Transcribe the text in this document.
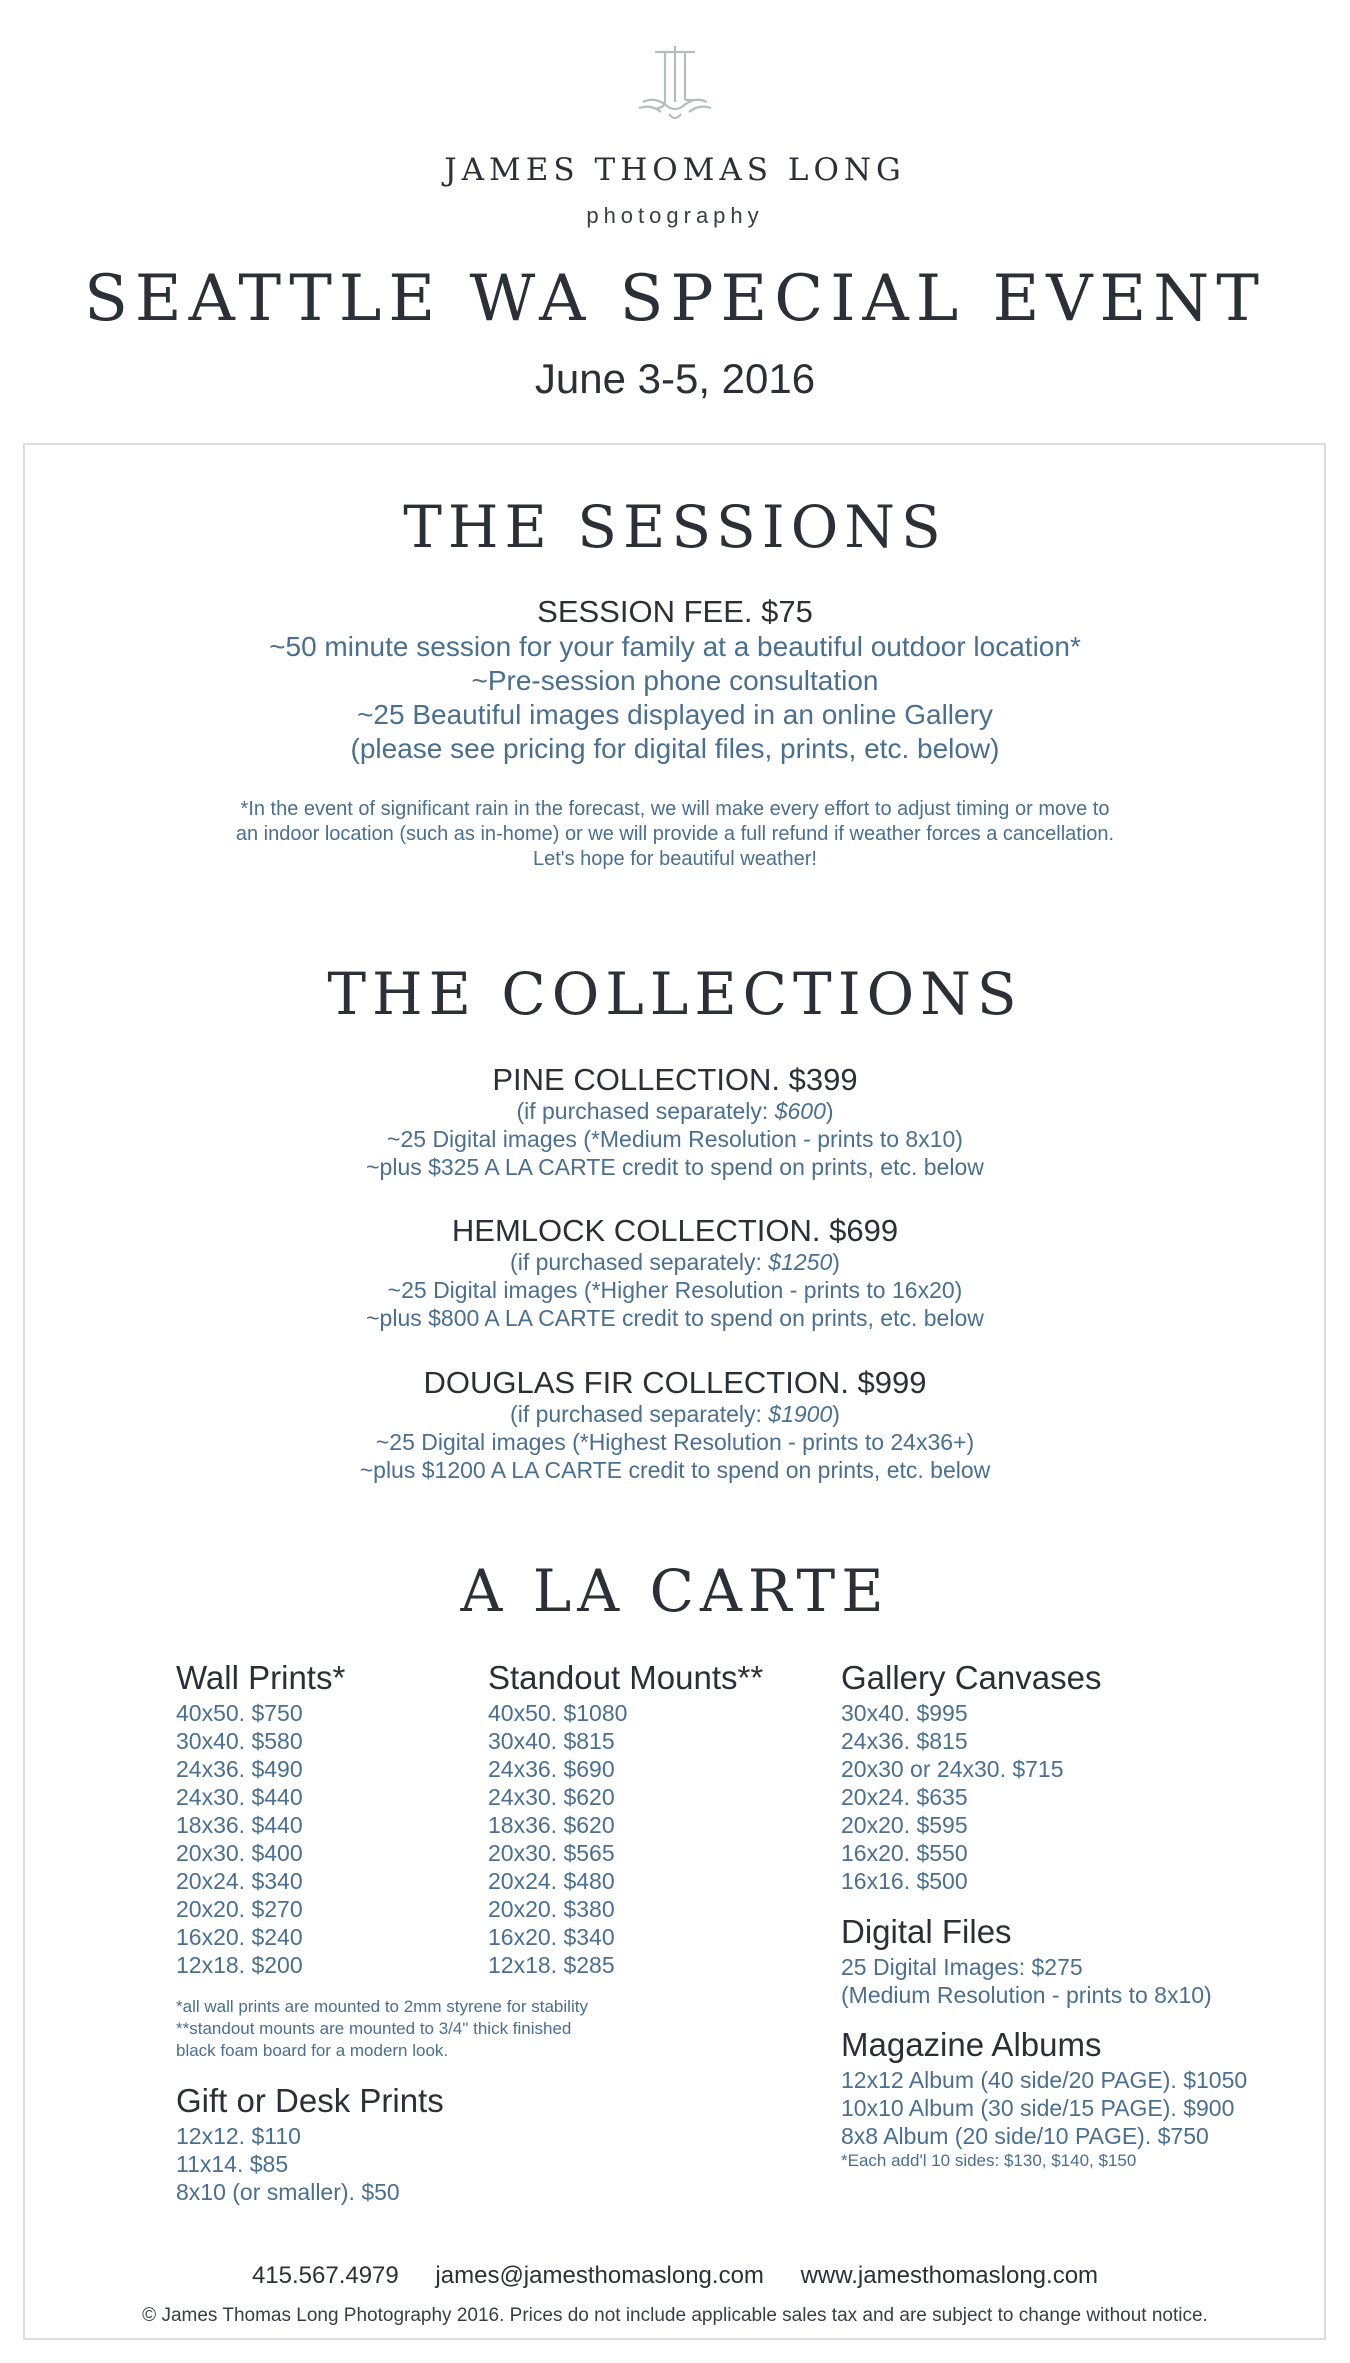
JAMES THOMAS LONG
photography
SEATTLE WA SPECIAL EVENT
June 3-5, 2016
THE SESSIONS
SESSION FEE. $75
~50 minute session for your family at a beautiful outdoor location*
~Pre-session phone consultation
~25 Beautiful images displayed in an online Gallery
(please see pricing for digital files, prints, etc. below)
*In the event of significant rain in the forecast, we will make every effort to adjust timing or move to
an indoor location (such as in-home) or we will provide a full refund if weather forces a cancellation.
Let's hope for beautiful weather!
THE COLLECTIONS
PINE COLLECTION. $399
(if purchased separately: $600)
~25 Digital images (*Medium Resolution - prints to 8x10)
~plus $325 A LA CARTE credit to spend on prints, etc. below
HEMLOCK COLLECTION. $699
(if purchased separately: $1250)
~25 Digital images (*Higher Resolution - prints to 16x20)
~plus $800 A LA CARTE credit to spend on prints, etc. below
DOUGLAS FIR COLLECTION. $999
(if purchased separately: $1900)
~25 Digital images (*Highest Resolution - prints to 24x36+)
~plus $1200 A LA CARTE credit to spend on prints, etc. below
A LA CARTE
Wall Prints*
40x50. $750
30x40. $580
24x36. $490
24x30. $440
18x36. $440
20x30. $400
20x24. $340
20x20. $270
16x20. $240
12x18. $200
Standout Mounts**
40x50. $1080
30x40. $815
24x36. $690
24x30. $620
18x36. $620
20x30. $565
20x24. $480
20x20. $380
16x20. $340
12x18. $285
*all wall prints are mounted to 2mm styrene for stability
**standout mounts are mounted to 3/4" thick finished
black foam board for a modern look.
Gift or Desk Prints
12x12. $110
11x14. $85
8x10 (or smaller). $50
Gallery Canvases
30x40. $995
24x36. $815
20x30 or 24x30. $715
20x24. $635
20x20. $595
16x20. $550
16x16. $500
Digital Files
25 Digital Images: $275
(Medium Resolution - prints to 8x10)
Magazine Albums
12x12 Album (40 side/20 PAGE). $1050
10x10 Album (30 side/15 PAGE). $900
8x8 Album (20 side/10 PAGE). $750
*Each add'l 10 sides: $130, $140, $150
415.567.4979 james@jamesthomaslong.com www.jamesthomaslong.com
© James Thomas Long Photography 2016. Prices do not include applicable sales tax and are subject to change without notice.
